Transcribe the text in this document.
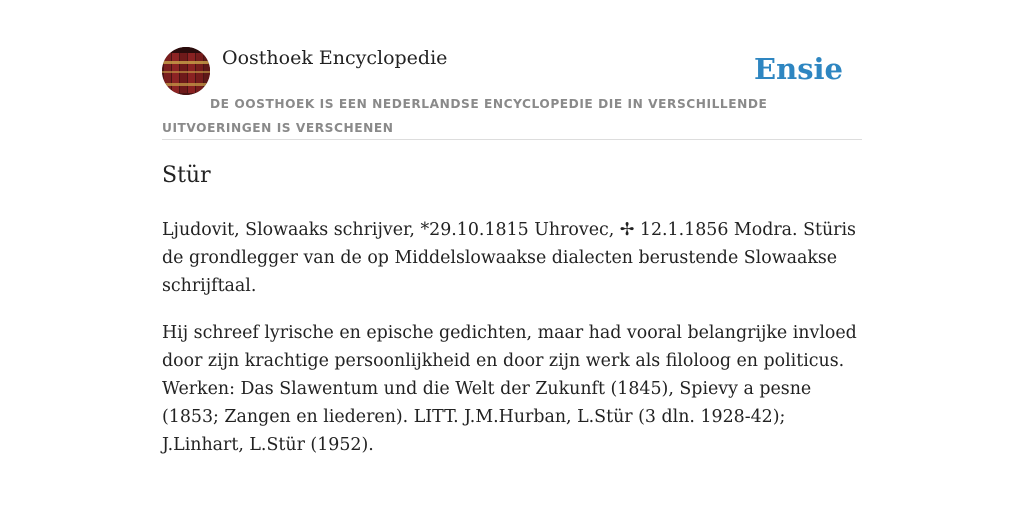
Oosthoek Encyclopedie	Ensie
DE OOSTHOEK IS EEN NEDERLANDSE ENCYCLOPEDIE DIE IN VERSCHILLENDE UITVOERINGEN IS VERSCHENEN
Stür

Ljudovit, Slowaaks schrijver, *29.10.1815 Uhrovec, ✢ 12.1.1856 Modra. Stüris de grondlegger van de op Middelslowaakse dialecten berustende Slowaakse schrijftaal.

Hij schreef lyrische en epische gedichten, maar had vooral belangrijke invloed door zijn krachtige persoonlijkheid en door zijn werk als filoloog en politicus. Werken: Das Slawentum und die Welt der Zukunft (1845), Spievy a pesne (1853; Zangen en liederen). LITT. J.M.Hurban, L.Stür (3 dln. 1928-42); J.Linhart, L.Stür (1952).
